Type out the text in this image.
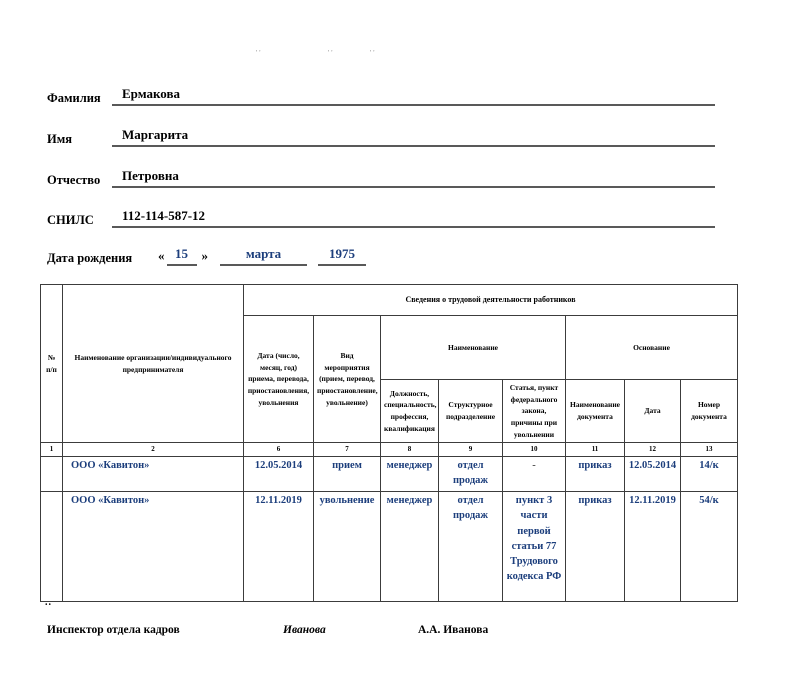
''	''	''
Фамилия	Ермакова
Имя	Маргарита
Отчество	Петровна
СНИЛС	112-114-587-12
Дата рождения	« 15	»	марта	1975
№ п/п	Наименование организации/индивидуального предпринимателя	Сведения о трудовой деятельности работников							
		Дата (число, месяц, год) приема, перевода, приостановления, увольнения	Вид мероприятия (прием, перевод, приостановление, увольнение)	Наименование			Основание		
				Должность, специальность, профессия, квалификация	Структурное подразделение	Статья, пункт федерального закона, причины при увольнении	Наименование документа	Дата	Номер документа
1	2	6	7	8	9	10	11	12	13
	ООО «Кавитон»	12.05.2014	прием	менеджер	отдел продаж	-	приказ	12.05.2014	14/к
	ООО «Кавитон»	12.11.2019	увольнение	менеджер	отдел продаж	пункт 3 части первой статьи 77 Трудового кодекса РФ	приказ	12.11.2019	54/к
..
Инспектор отдела кадров	Иванова	А.А. Иванова
